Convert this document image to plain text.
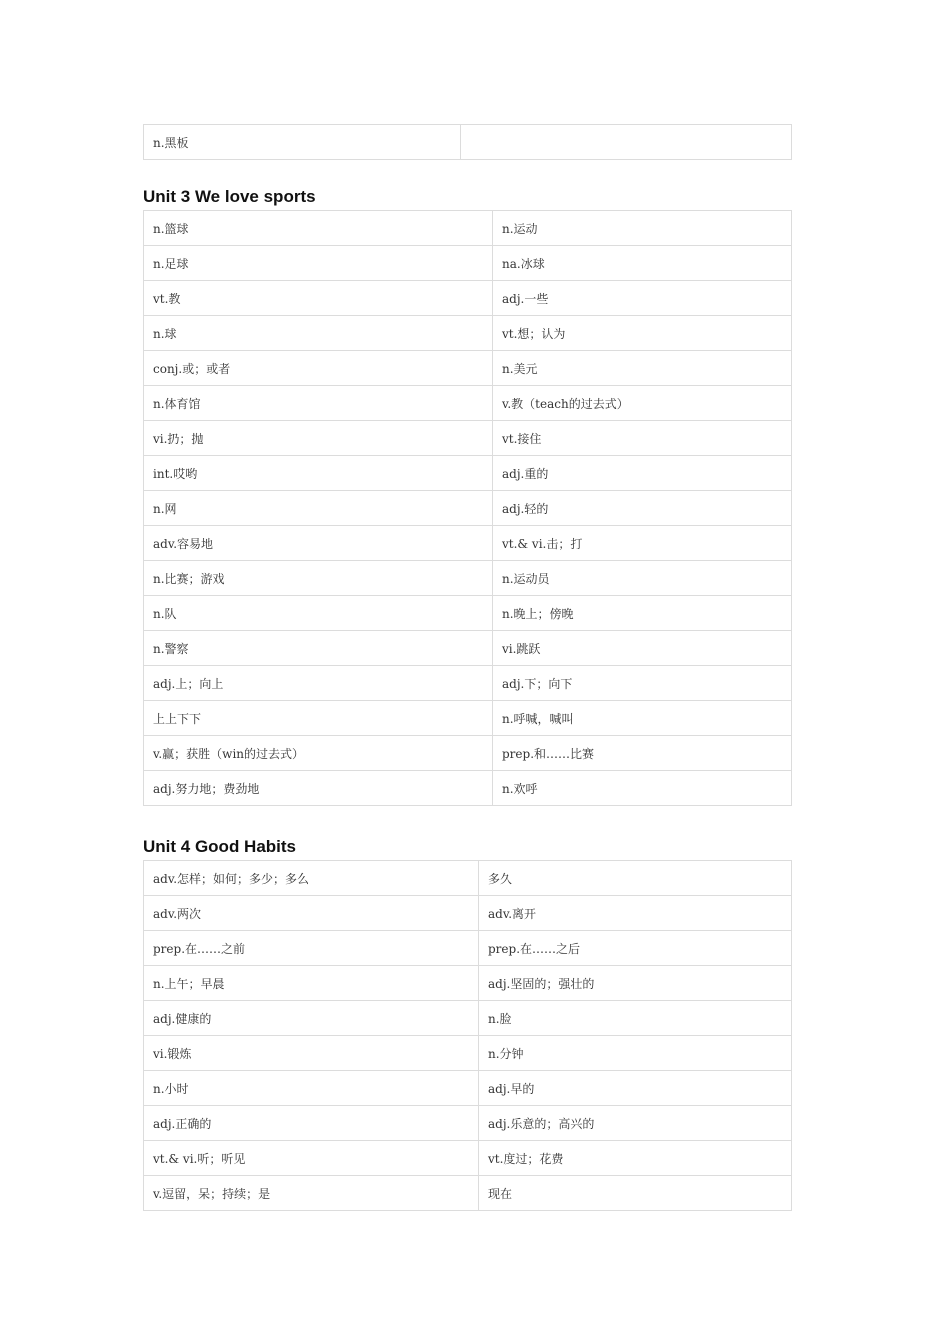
n.黑板	
Unit 3 We love sports
n.篮球	n.运动
n.足球	na.冰球
vt.教	adj.一些
n.球	vt.想；认为
conj.或；或者	n.美元
n.体育馆	v.教（teach的过去式）
vi.扔；抛	vt.接住
int.哎哟	adj.重的
n.网	adj.轻的
adv.容易地	vt.& vi.击；打
n.比赛；游戏	n.运动员
n.队	n.晚上；傍晚
n.警察	vi.跳跃
adj.上；向上	adj.下；向下
上上下下	n.呼喊，喊叫
v.赢；获胜（win的过去式）	prep.和……比赛
adj.努力地；费劲地	n.欢呼
Unit 4 Good Habits
adv.怎样；如何；多少；多么	多久
adv.两次	adv.离开
prep.在……之前	prep.在……之后
n.上午；早晨	adj.坚固的；强壮的
adj.健康的	n.脸
vi.锻炼	n.分钟
n.小时	adj.早的
adj.正确的	adj.乐意的；高兴的
vt.& vi.听；听见	vt.度过；花费
v.逗留，呆；持续；是	现在
